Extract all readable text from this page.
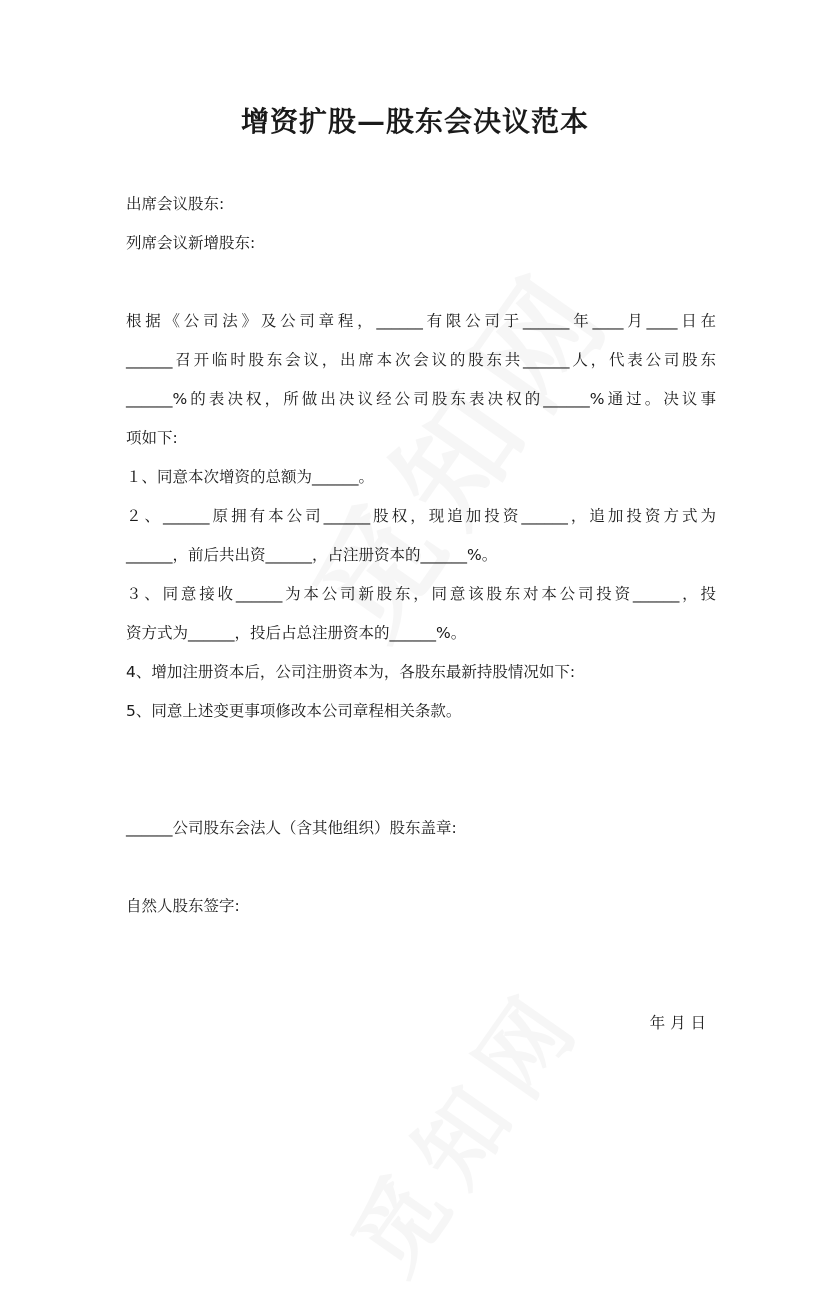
增资扩股—股东会决议范本
出席会议股东:
列席会议新增股东:
根据《公司法》及公司章程，______有限公司于______年____月____日在
______召开临时股东会议，出席本次会议的股东共______人，代表公司股东
______%的表决权，所做出决议经公司股东表决权的______%通过。决议事
项如下:
１、同意本次增资的总额为______。
２、______原拥有本公司______股权，现追加投资______，追加投资方式为
______，前后共出资______，占注册资本的______%。
３、同意接收______为本公司新股东，同意该股东对本公司投资______，投
资方式为______，投后占总注册资本的______%。
4、增加注册资本后，公司注册资本为，各股东最新持股情况如下:
5、同意上述变更事项修改本公司章程相关条款。
______公司股东会法人（含其他组织）股东盖章:
自然人股东签字:
年 月 日
